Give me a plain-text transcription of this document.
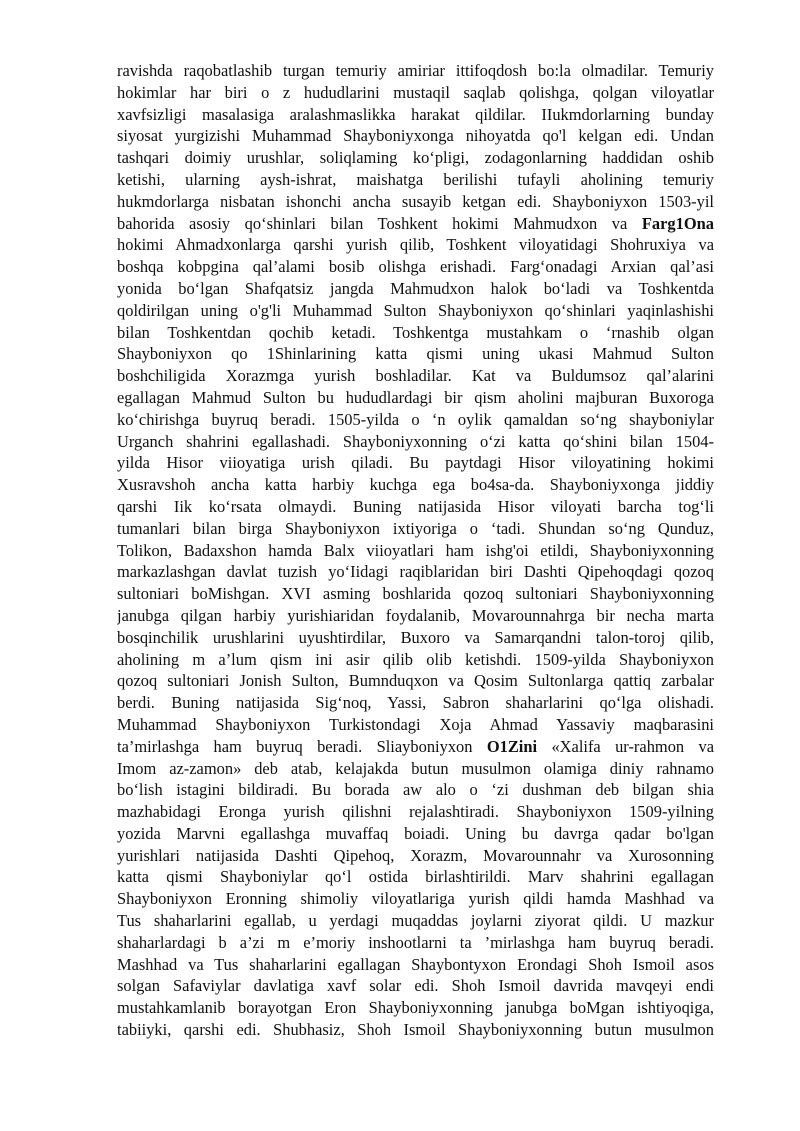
ravishda raqobatlashib turgan temuriy amiriar ittifoqdosh bo:la olmadilar. Temuriy
hokimlar har biri o z hududlarini mustaqil saqlab qolishga, qolgan viloyatlar
xavfsizligi masalasiga aralashmaslikka harakat qildilar. IIukmdorlarning bunday
siyosat yurgizishi Muhammad Shayboniyxonga nihoyatda qo'l kelgan edi. Undan
tashqari doimiy urushlar, soliqlaming ko‘pligi, zodagonlarning haddidan oshib
ketishi, ularning aysh-ishrat, maishatga berilishi tufayli aholining temuriy
hukmdorlarga nisbatan ishonchi ancha susayib ketgan edi. Shayboniyxon 1503-yil
bahorida asosiy qo‘shinlari bilan Toshkent hokimi Mahmudxon va Farg1Ona
hokimi Ahmadxonlarga qarshi yurish qilib, Toshkent viloyatidagi Shohruxiya va
boshqa kobpgina qal’alami bosib olishga erishadi. Farg‘onadagi Arxian qal’asi
yonida bo‘lgan Shafqatsiz jangda Mahmudxon halok bo‘ladi va Toshkentda
qoldirilgan uning o'g'li Muhammad Sulton Shayboniyxon qo‘shinlari yaqinlashishi
bilan Toshkentdan qochib ketadi. Toshkentga mustahkam o ‘rnashib olgan
Shayboniyxon qo 1Shinlarining katta qismi uning ukasi Mahmud Sulton
boshchiligida Xorazmga yurish boshladilar. Kat va Buldumsoz qal’alarini
egallagan Mahmud Sulton bu hududlardagi bir qism aholini majburan Buxoroga
ko‘chirishga buyruq beradi. 1505-yilda o ‘n oylik qamaldan so‘ng shayboniylar
Urganch shahrini egallashadi. Shayboniyxonning o‘zi katta qo‘shini bilan 1504-
yilda Hisor viioyatiga urish qiladi. Bu paytdagi Hisor viloyatining hokimi
Xusravshoh ancha katta harbiy kuchga ega bo4sa-da. Shayboniyxonga jiddiy
qarshi Iik ko‘rsata olmaydi. Buning natijasida Hisor viloyati barcha tog‘li
tumanlari bilan birga Shayboniyxon ixtiyoriga o ‘tadi. Shundan so‘ng Qunduz,
Tolikon, Badaxshon hamda Balx viioyatlari ham ishg'oi etildi, Shayboniyxonning
markazlashgan davlat tuzish yo‘Iidagi raqiblaridan biri Dashti Qipehoqdagi qozoq
sultoniari boMishgan. XVI asming boshlarida qozoq sultoniari Shayboniyxonning
janubga qilgan harbiy yurishiaridan foydalanib, Movarounnahrga bir necha marta
bosqinchilik urushlarini uyushtirdilar, Buxoro va Samarqandni talon-toroj qilib,
aholining m a’lum qism ini asir qilib olib ketishdi. 1509-yilda Shayboniyxon
qozoq sultoniari Jonish Sulton, Bumnduqxon va Qosim Sultonlarga qattiq zarbalar
berdi. Buning natijasida Sig‘noq, Yassi, Sabron shaharlarini qo‘lga olishadi.
Muhammad Shayboniyxon Turkistondagi Xoja Ahmad Yassaviy maqbarasini
ta’mirlashga ham buyruq beradi. Sliayboniyxon O1Zini «Xalifa ur-rahmon va
Imom az-zamon» deb atab, kelajakda butun musulmon olamiga diniy rahnamo
bo‘lish istagini bildiradi. Bu borada aw alo o ‘zi dushman deb bilgan shia
mazhabidagi Eronga yurish qilishni rejalashtiradi. Shayboniyxon 1509-yilning
yozida Marvni egallashga muvaffaq boiadi. Uning bu davrga qadar bo'lgan
yurishlari natijasida Dashti Qipehoq, Xorazm, Movarounnahr va Xurosonning
katta qismi Shayboniylar qo‘l ostida birlashtirildi. Marv shahrini egallagan
Shayboniyxon Eronning shimoliy viloyatlariga yurish qildi hamda Mashhad va
Tus shaharlarini egallab, u yerdagi muqaddas joylarni ziyorat qildi. U mazkur
shaharlardagi b a’zi m e’moriy inshootlarni ta ’mirlashga ham buyruq beradi.
Mashhad va Tus shaharlarini egallagan Shaybontyxon Erondagi Shoh Ismoil asos
solgan Safaviylar davlatiga xavf solar edi. Shoh Ismoil davrida mavqeyi endi
mustahkamlanib borayotgan Eron Shayboniyxonning janubga boMgan ishtiyoqiga,
tabiiyki, qarshi edi. Shubhasiz, Shoh Ismoil Shayboniyxonning butun musulmon
